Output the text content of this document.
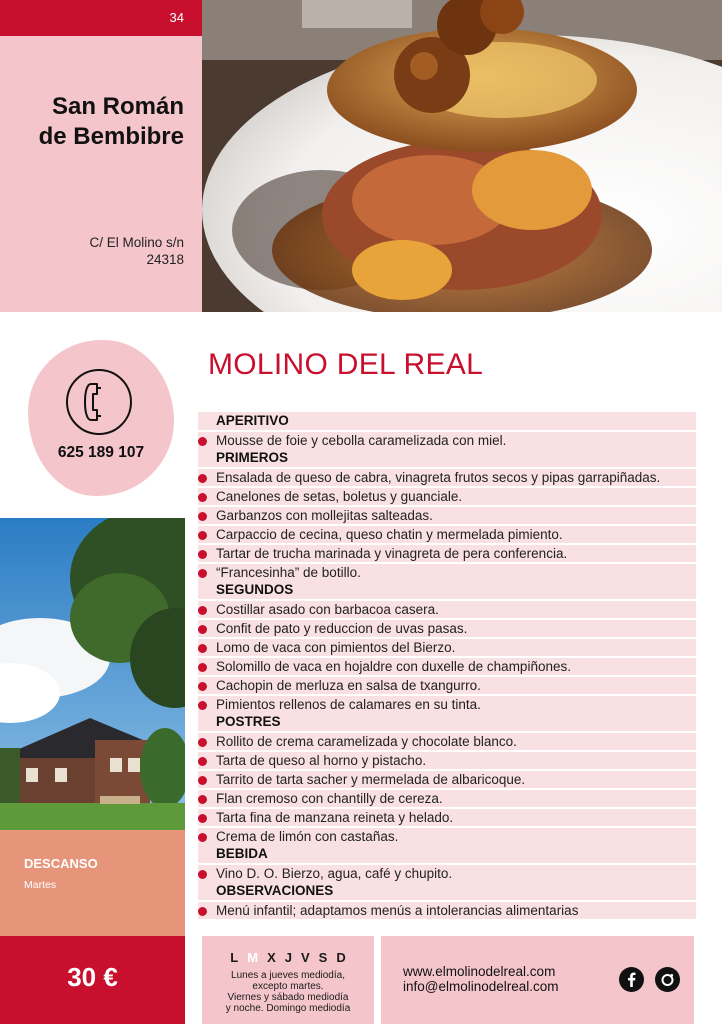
34
San Román
de Bembibre
C/ El Molino s/n
24318
625 189 107
MOLINO DEL REAL
APERITIVO
Mousse de foie y cebolla caramelizada con miel.
PRIMEROS
Ensalada de queso de cabra, vinagreta frutos secos y pipas garrapiñadas.
Canelones de setas, boletus y guanciale.
Garbanzos con mollejitas salteadas.
Carpaccio de cecina, queso chatin y mermelada pimiento.
Tartar de trucha marinada y vinagreta de pera conferencia.
“Francesinha” de botillo.
SEGUNDOS
Costillar asado con barbacoa casera.
Confit de pato y reduccion de uvas pasas.
Lomo de vaca con pimientos del Bierzo.
Solomillo de vaca en hojaldre con duxelle de champiñones.
Cachopin de merluza en salsa de txangurro.
Pimientos rellenos de calamares en su tinta.
POSTRES
Rollito de crema caramelizada y chocolate blanco.
Tarta de queso al horno y pistacho.
Tarrito de tarta sacher y mermelada de albaricoque.
Flan cremoso con chantilly de cereza.
Tarta fina de manzana reineta y helado.
Crema de limón con castañas.
BEBIDA
Vino D. O. Bierzo, agua, café y chupito.
OBSERVACIONES
Menú infantil; adaptamos menús a intolerancias alimentarias
DESCANSO
Martes
30 €
LMXJVSD
Lunes a jueves mediodía,
excepto martes.
Viernes y sábado mediodía
y noche. Domingo mediodía
www.elmolinodelreal.com
info@elmolinodelreal.com
